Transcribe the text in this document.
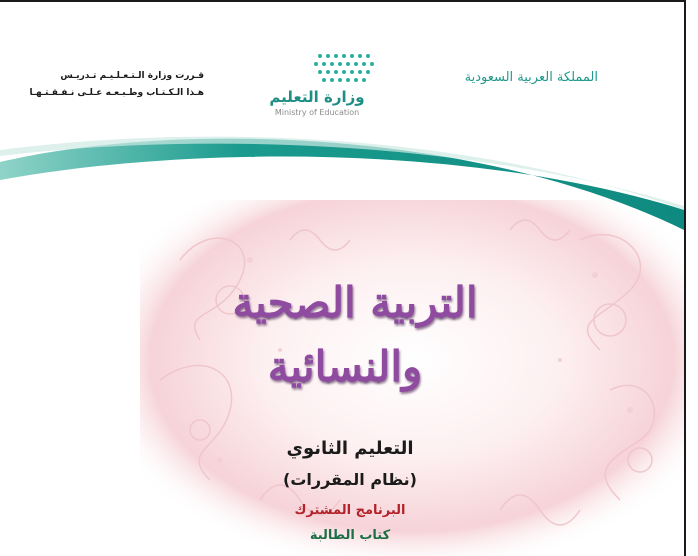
المملكة العربية السعودية
وزارة التعليم
Ministry of Education
قـررت وزارة الـتـعـلـيـم تـدريـس
هـذا الـكـتـاب وطـبـعـه عـلـى نـفـقـتـهـا
التربية الصحية
والنسائية
التعليم الثانوي
(نظام المقررات)
البرنامج المشترك
كتاب الطالبة
